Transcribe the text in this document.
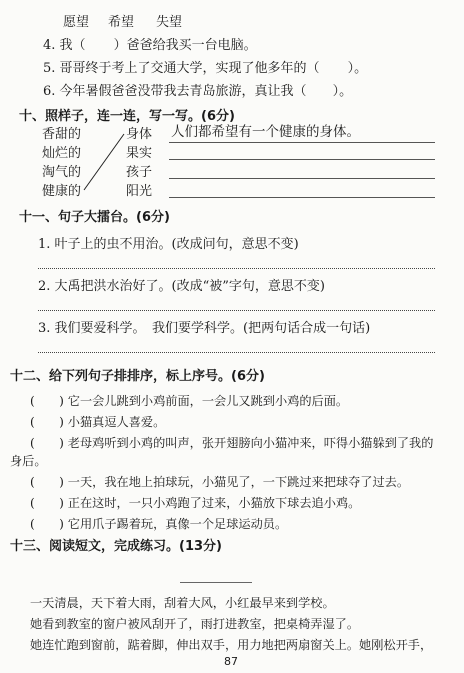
愿望 希望 失望
4. 我（ ）爸爸给我买一台电脑。
5. 哥哥终于考上了交通大学，实现了他多年的（ ）。
6. 今年暑假爸爸没带我去青岛旅游，真让我（ ）。
十、照样子，连一连，写一写。(6分)
香甜的
灿烂的
淘气的
健康的
身体
果实
孩子
阳光
人们都希望有一个健康的身体。
十一、句子大擂台。(6分)
1. 叶子上的虫不用治。(改成问句，意思不变)
2. 大禹把洪水治好了。(改成“被”字句，意思不变)
3. 我们要爱科学。　我们要学科学。(把两句话合成一句话)
十二、给下列句子排排序，标上序号。(6分)
(　　) 它一会儿跳到小鸡前面，一会儿又跳到小鸡的后面。
(　　) 小猫真逗人喜爱。
(　　) 老母鸡听到小鸡的叫声，张开翅膀向小猫冲来，吓得小猫躲到了我的
身后。
(　　) 一天，我在地上拍球玩，小猫见了，一下跳过来把球夺了过去。
(　　) 正在这时，一只小鸡跑了过来，小猫放下球去追小鸡。
(　　) 它用爪子踢着玩，真像一个足球运动员。
十三、阅读短文，完成练习。(13分)
一天清晨，天下着大雨，刮着大风，小红最早来到学校。
她看到教室的窗户被风刮开了，雨打进教室，把桌椅弄湿了。
她连忙跑到窗前，踮着脚，伸出双手，用力地把两扇窗关上。她刚松开手，
87
